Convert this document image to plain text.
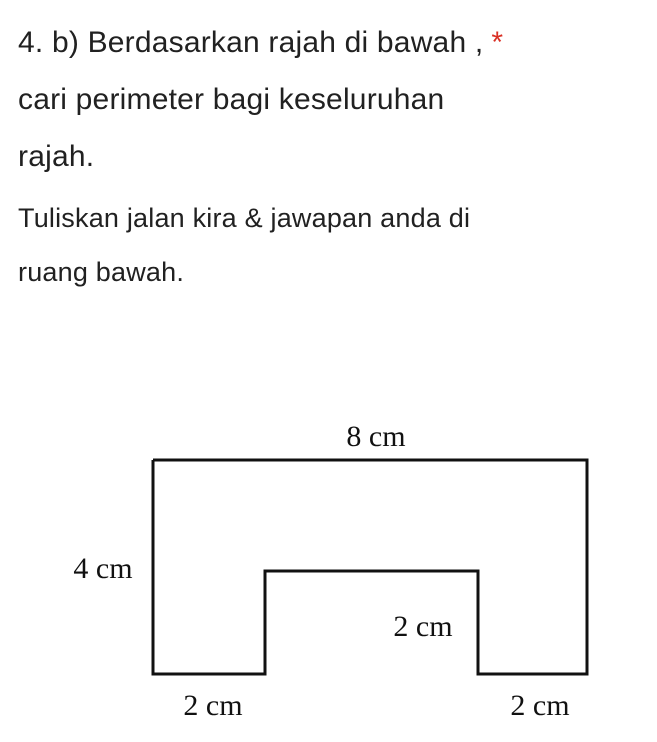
4. b) Berdasarkan rajah di bawah , *
cari perimeter bagi keseluruhan
rajah.
Tuliskan jalan kira & jawapan anda di
ruang bawah.
8 cm
4 cm
2 cm
2 cm	2 cm
